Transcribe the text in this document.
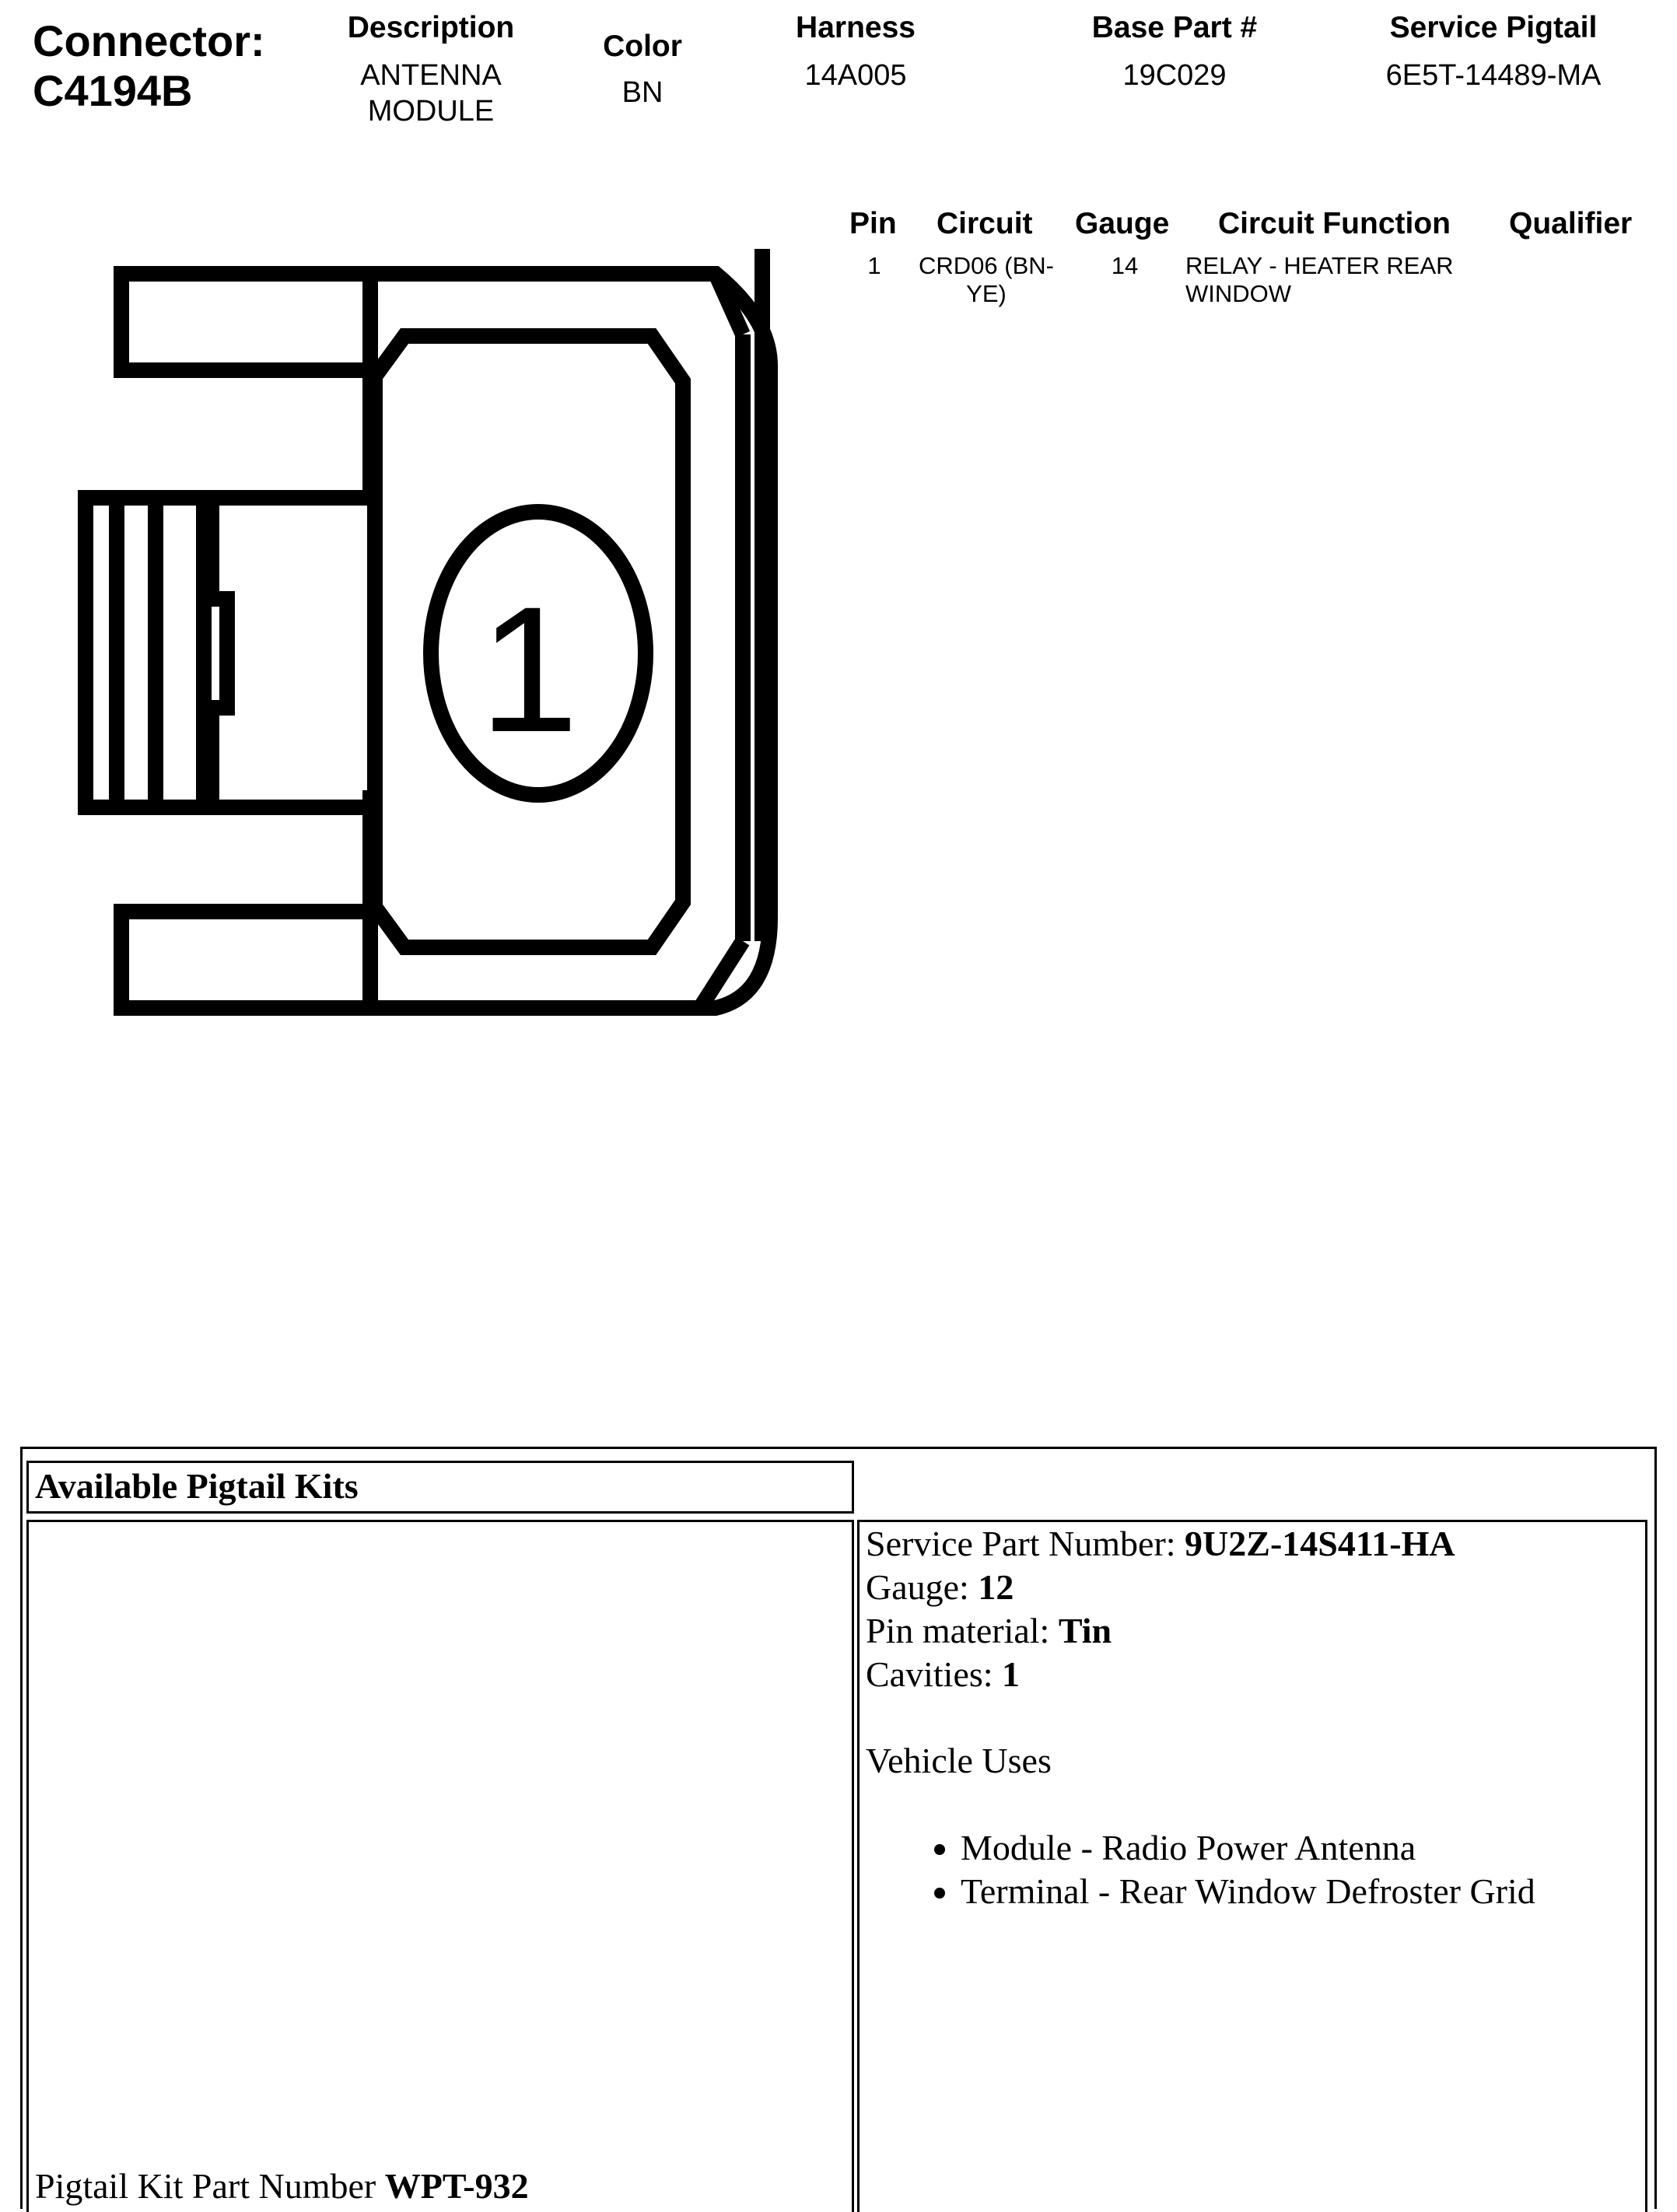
Connector:
C4194B
Description
ANTENNA
MODULE
Color
BN
Harness
14A005
Base Part #
19C029
Service Pigtail
6E5T-14489-MA
Pin Circuit Gauge Circuit Function Qualifier
1	CRD06 (BN-
YE)
14	RELAY - HEATER REAR
WINDOW
1
Available Pigtail Kits
Pigtail Kit Part Number WPT-932
Service Part Number: 9U2Z-14S411-HA
Gauge: 12
Pin material: Tin
Cavities: 1
Vehicle Uses
• Module - Radio Power Antenna
• Terminal - Rear Window Defroster Grid
